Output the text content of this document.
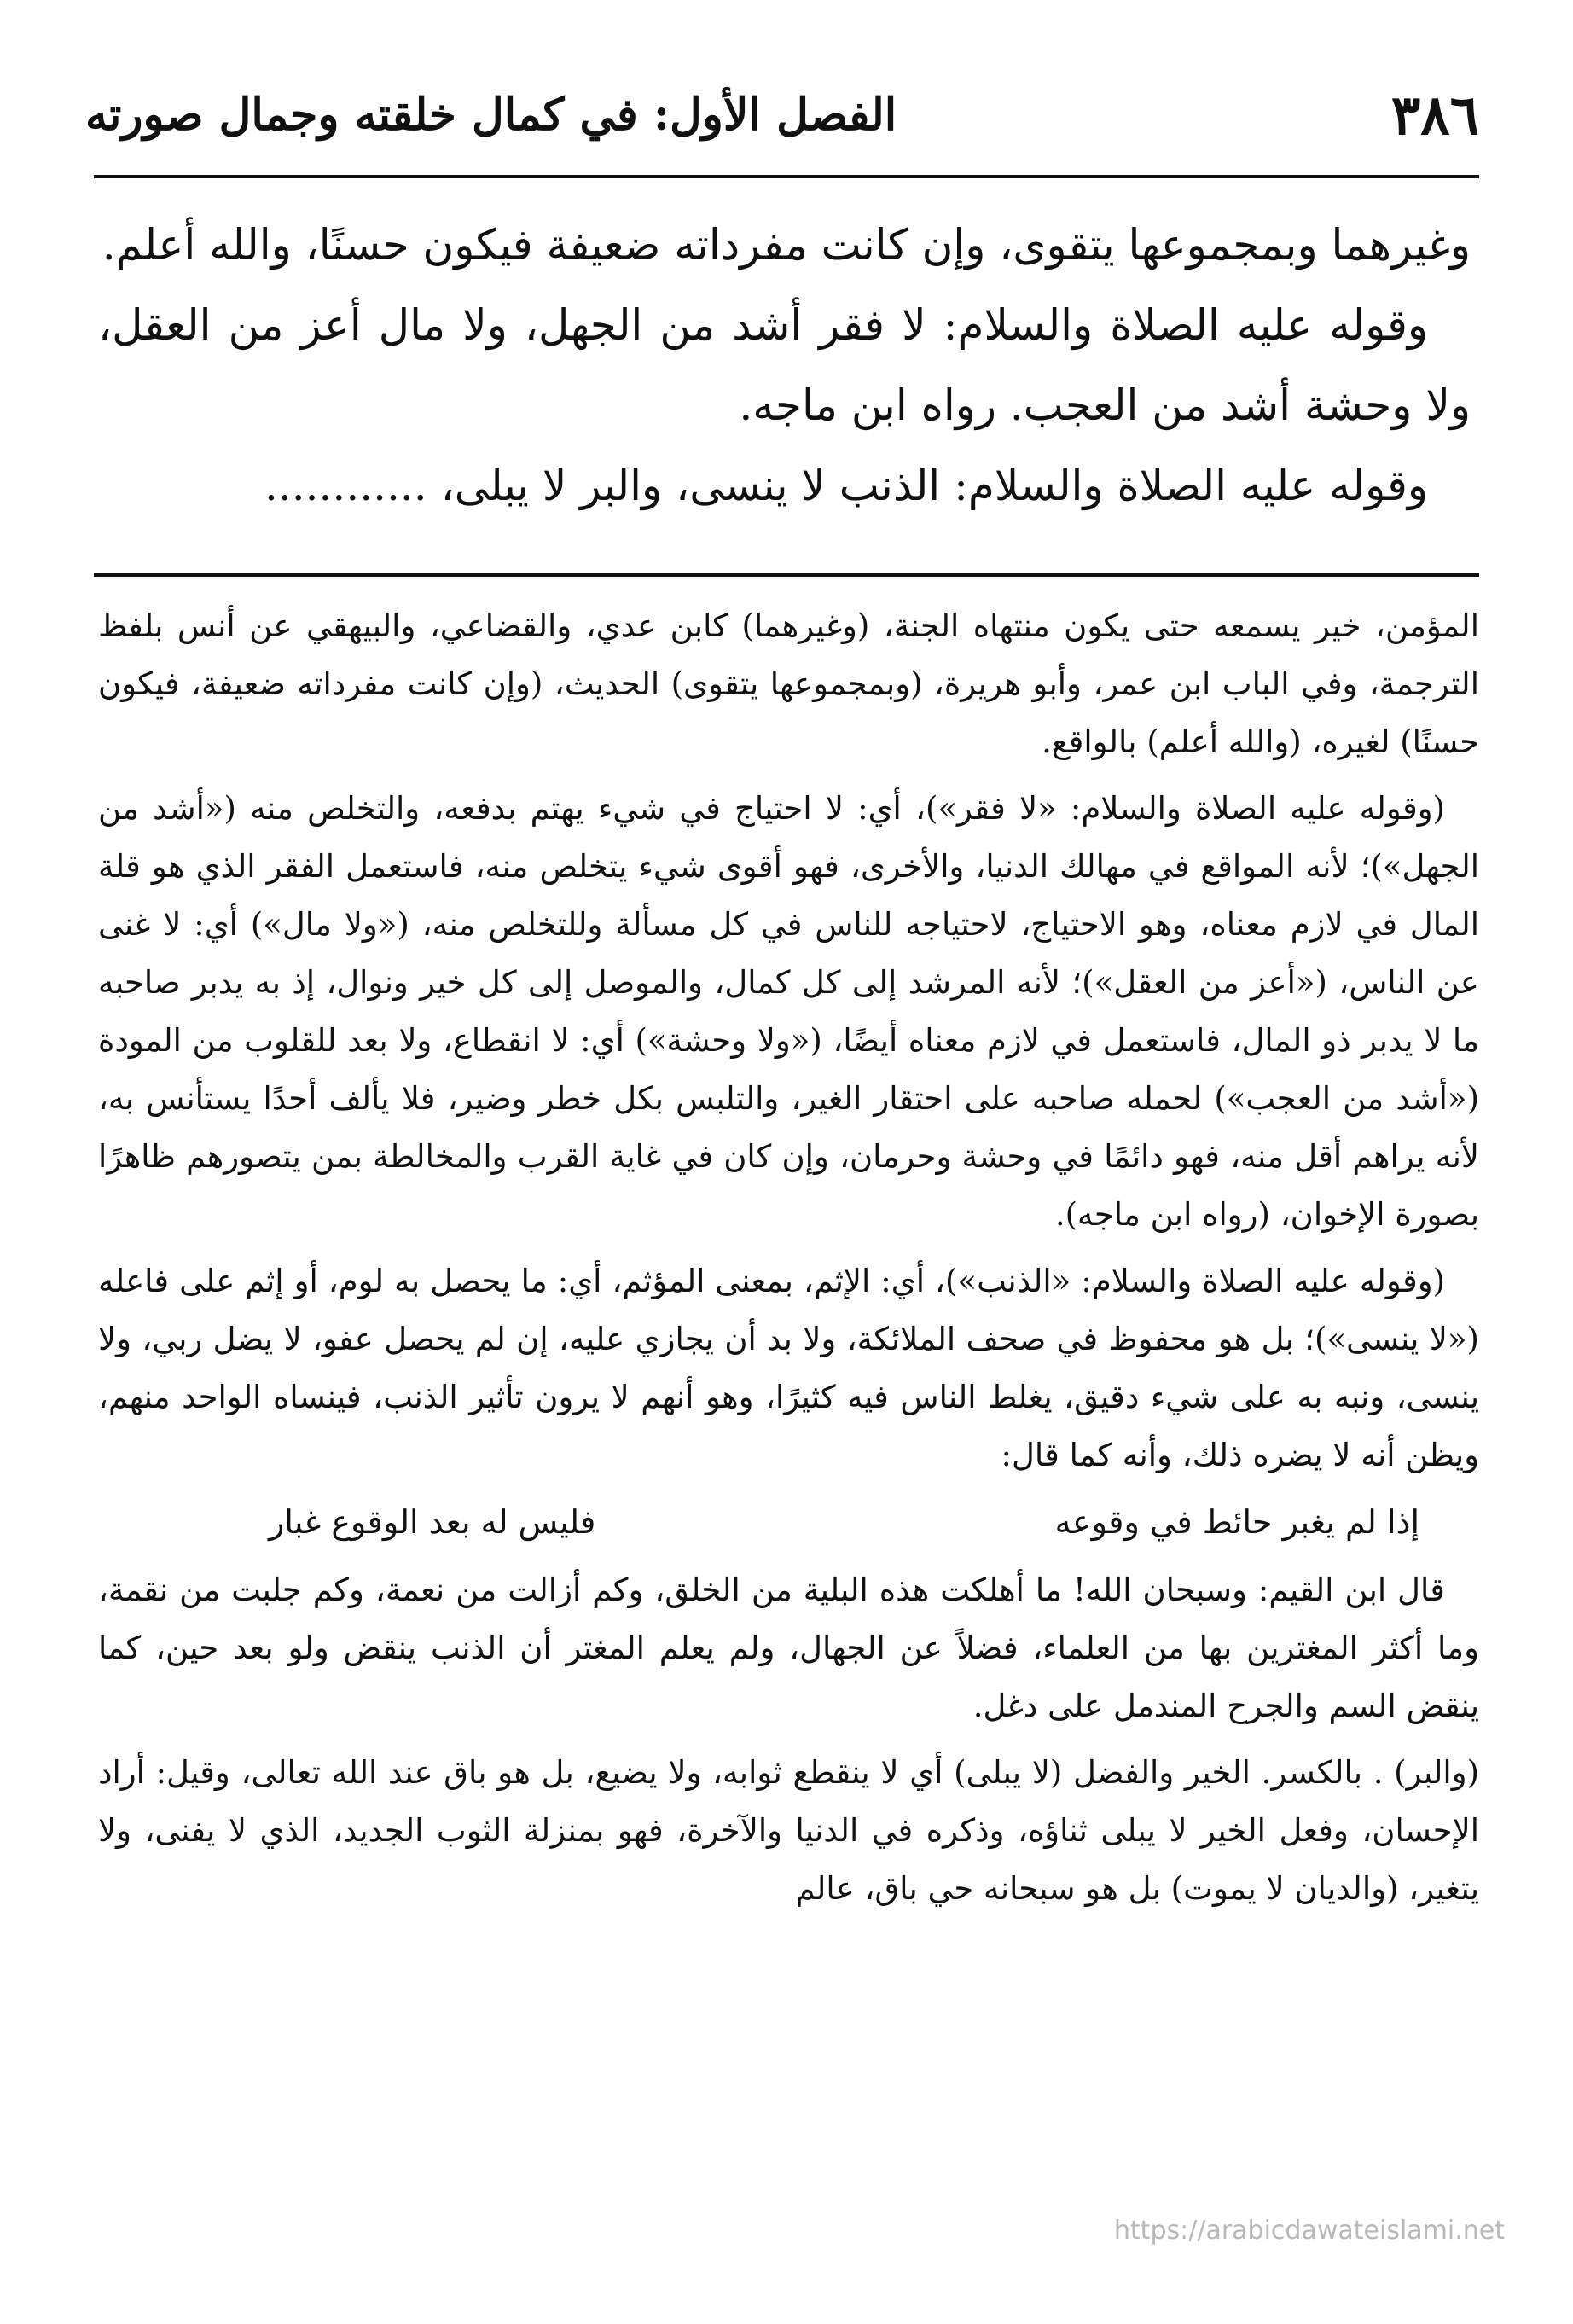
٣٨٦
الفصل الأول: في كمال خلقته وجمال صورته

وغيرهما وبمجموعها يتقوى، وإن كانت مفرداته ضعيفة فيكون حسنًا، والله أعلم.

وقوله عليه الصلاة والسلام: لا فقر أشد من الجهل، ولا مال أعز من العقل، ولا وحشة أشد من العجب. رواه ابن ماجه.

وقوله عليه الصلاة والسلام: الذنب لا ينسى، والبر لا يبلى، ............

المؤمن، خير يسمعه حتى يكون منتهاه الجنة، (وغيرهما) كابن عدي، والقضاعي، والبيهقي عن أنس بلفظ الترجمة، وفي الباب ابن عمر، وأبو هريرة، (وبمجموعها يتقوى) الحديث، (وإن كانت مفرداته ضعيفة، فيكون حسنًا) لغيره، (والله أعلم) بالواقع.

(وقوله عليه الصلاة والسلام: «لا فقر»)، أي: لا احتياج في شيء يهتم بدفعه، والتخلص منه («أشد من الجهل»)؛ لأنه المواقع في مهالك الدنيا، والأخرى، فهو أقوى شيء يتخلص منه، فاستعمل الفقر الذي هو قلة المال في لازم معناه، وهو الاحتياج، لاحتياجه للناس في كل مسألة وللتخلص منه، («ولا مال») أي: لا غنى عن الناس، («أعز من العقل»)؛ لأنه المرشد إلى كل كمال، والموصل إلى كل خير ونوال، إذ به يدبر صاحبه ما لا يدبر ذو المال، فاستعمل في لازم معناه أيضًا، («ولا وحشة») أي: لا انقطاع، ولا بعد للقلوب من المودة («أشد من العجب») لحمله صاحبه على احتقار الغير، والتلبس بكل خطر وضير، فلا يألف أحدًا يستأنس به، لأنه يراهم أقل منه، فهو دائمًا في وحشة وحرمان، وإن كان في غاية القرب والمخالطة بمن يتصورهم ظاهرًا بصورة الإخوان، (رواه ابن ماجه).

(وقوله عليه الصلاة والسلام: «الذنب»)، أي: الإثم، بمعنى المؤثم، أي: ما يحصل به لوم، أو إثم على فاعله («لا ينسى»)؛ بل هو محفوظ في صحف الملائكة، ولا بد أن يجازي عليه، إن لم يحصل عفو، لا يضل ربي، ولا ينسى، ونبه به على شيء دقيق، يغلط الناس فيه كثيرًا، وهو أنهم لا يرون تأثير الذنب، فينساه الواحد منهم، ويظن أنه لا يضره ذلك، وأنه كما قال:

إذا لم يغبر حائط في وقوعه
فليس له بعد الوقوع غبار

قال ابن القيم: وسبحان الله! ما أهلكت هذه البلية من الخلق، وكم أزالت من نعمة، وكم جلبت من نقمة، وما أكثر المغترين بها من العلماء، فضلاً عن الجهال، ولم يعلم المغتر أن الذنب ينقض ولو بعد حين، كما ينقض السم والجرح المندمل على دغل.

(والبر) . بالكسر. الخير والفضل (لا يبلى) أي لا ينقطع ثوابه، ولا يضيع، بل هو باق عند الله تعالى، وقيل: أراد الإحسان، وفعل الخير لا يبلى ثناؤه، وذكره في الدنيا والآخرة، فهو بمنزلة الثوب الجديد، الذي لا يفنى، ولا يتغير، (والديان لا يموت) بل هو سبحانه حي باق، عالم

https://arabicdawateislami.net
